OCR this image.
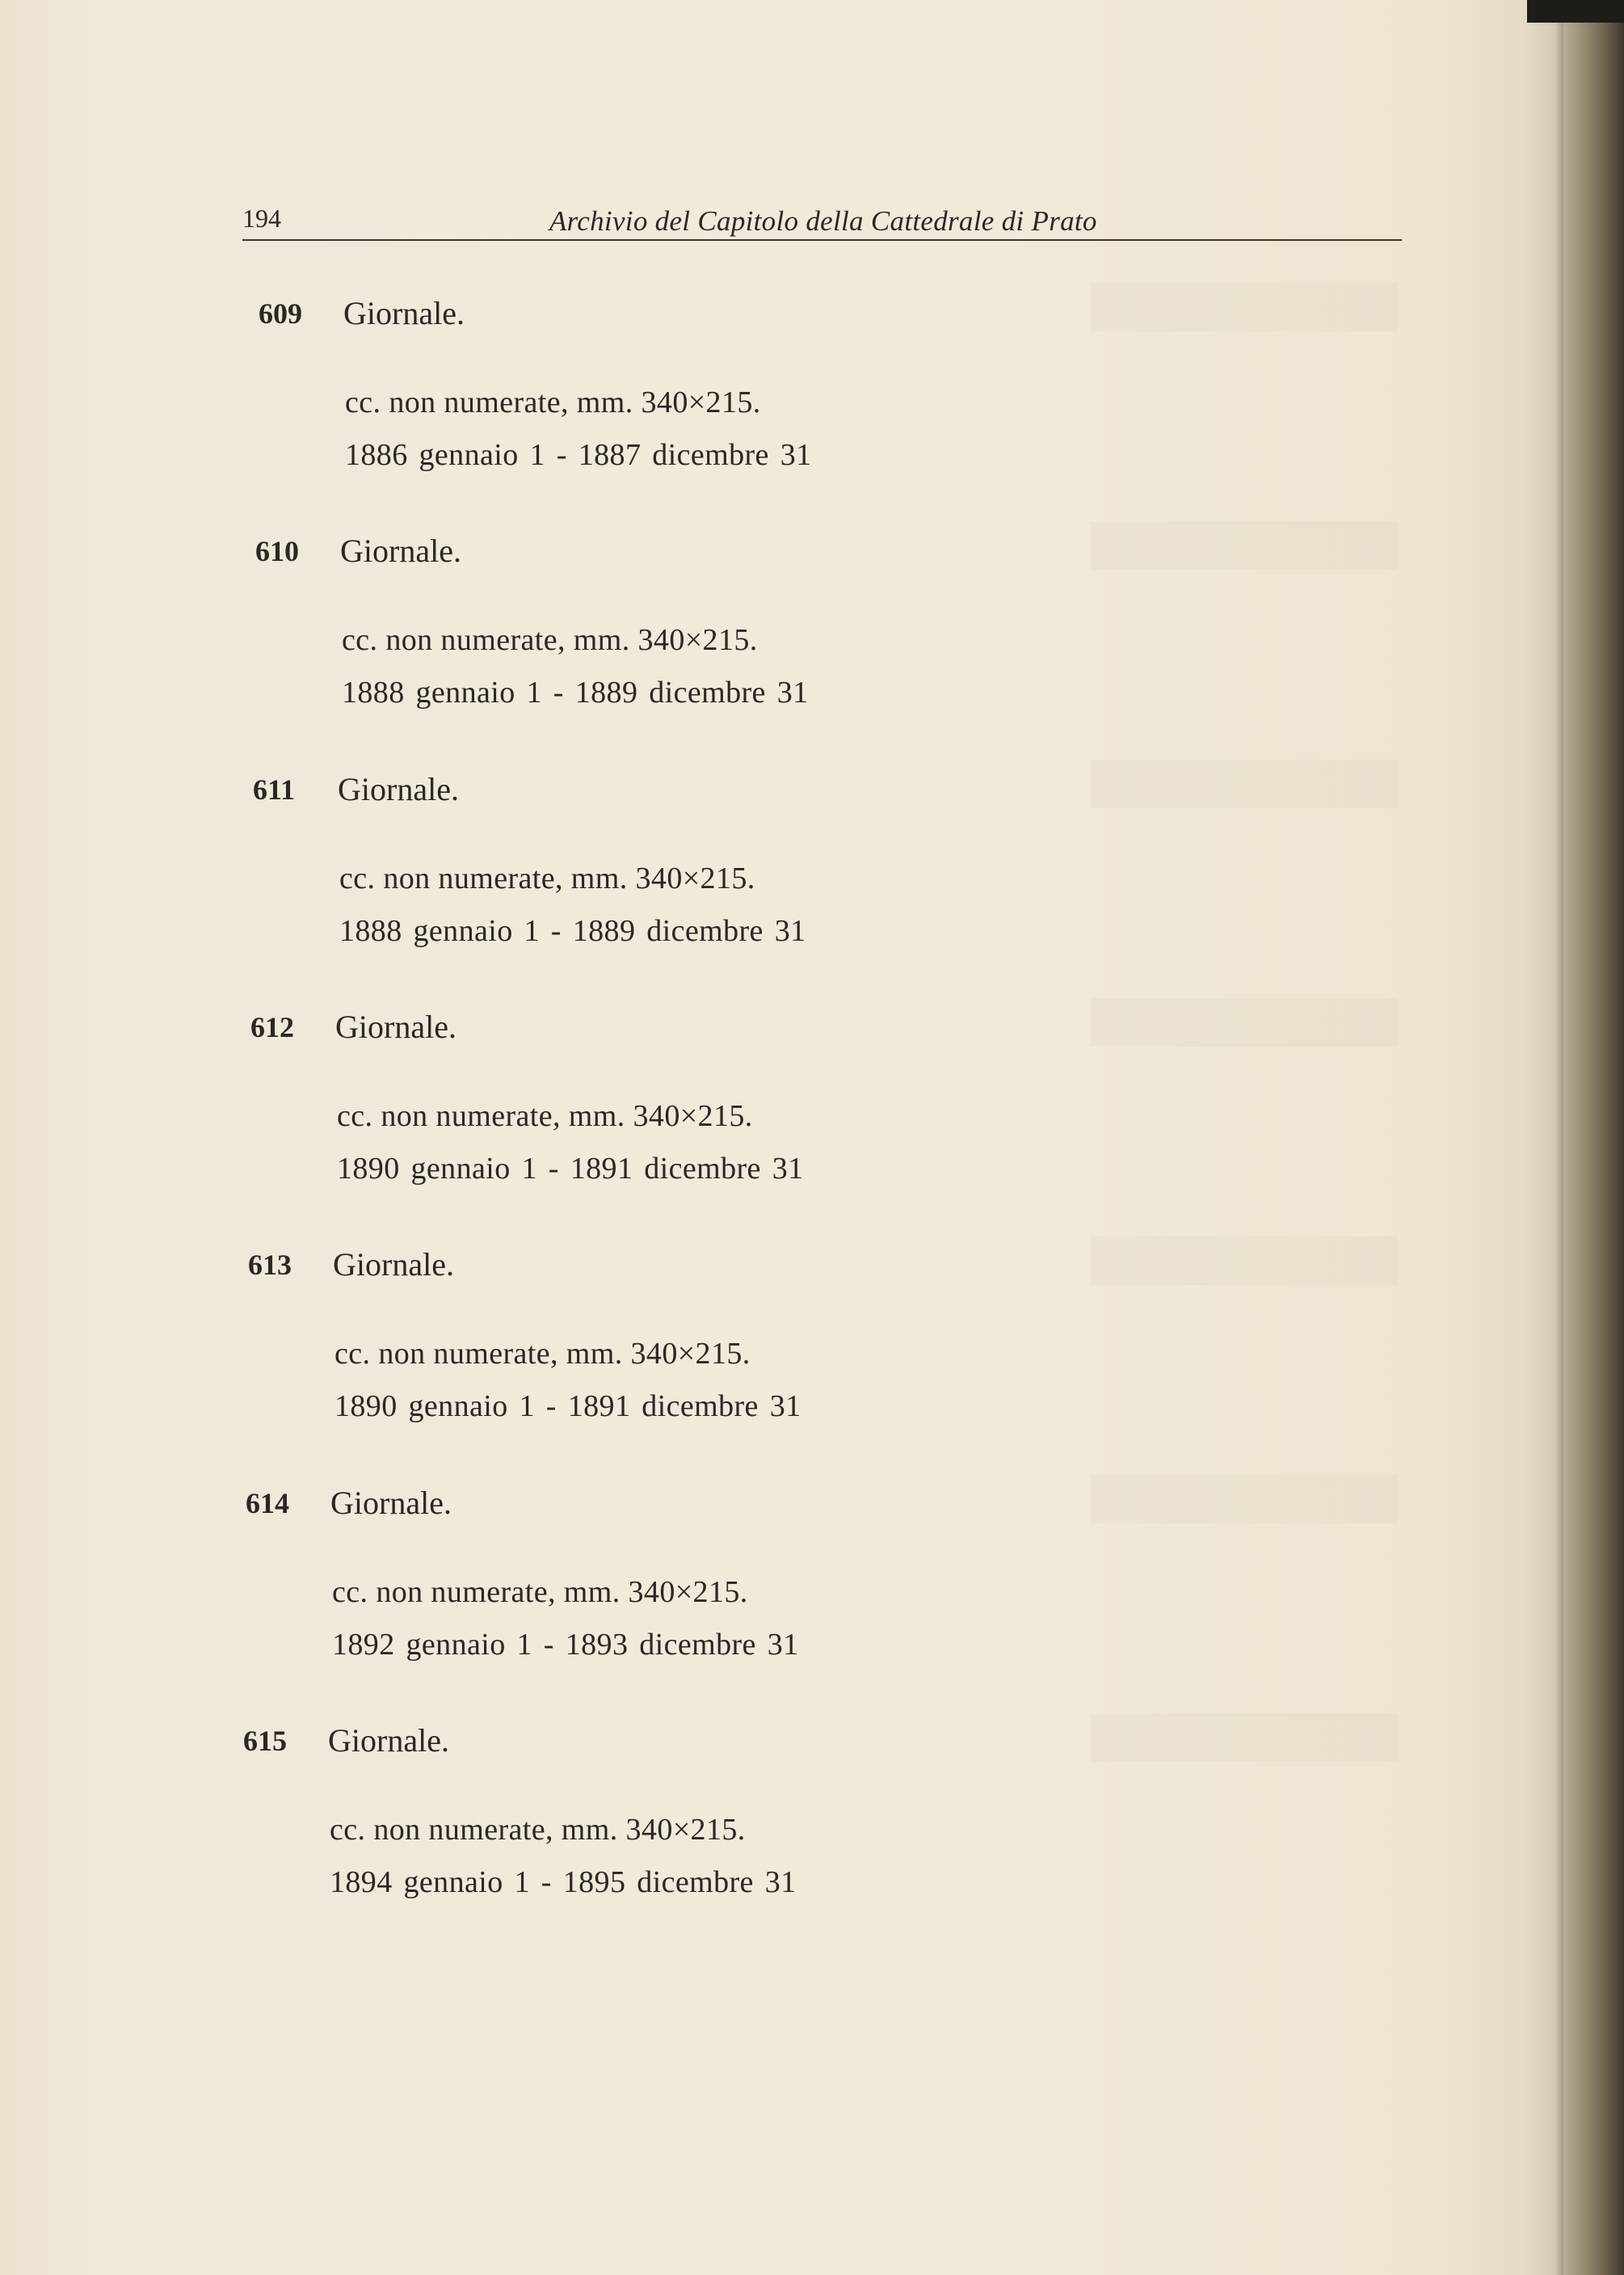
194	Archivio del Capitolo della Cattedrale di Prato
609 Giornale.
cc. non numerate, mm. 340×215.
1886 gennaio 1 - 1887 dicembre 31
610 Giornale.
cc. non numerate, mm. 340×215.
1888 gennaio 1 - 1889 dicembre 31
611 Giornale.
cc. non numerate, mm. 340×215.
1888 gennaio 1 - 1889 dicembre 31
612 Giornale.
cc. non numerate, mm. 340×215.
1890 gennaio 1 - 1891 dicembre 31
613 Giornale.
cc. non numerate, mm. 340×215.
1890 gennaio 1 - 1891 dicembre 31
614 Giornale.
cc. non numerate, mm. 340×215.
1892 gennaio 1 - 1893 dicembre 31
615 Giornale.
cc. non numerate, mm. 340×215.
1894 gennaio 1 - 1895 dicembre 31
